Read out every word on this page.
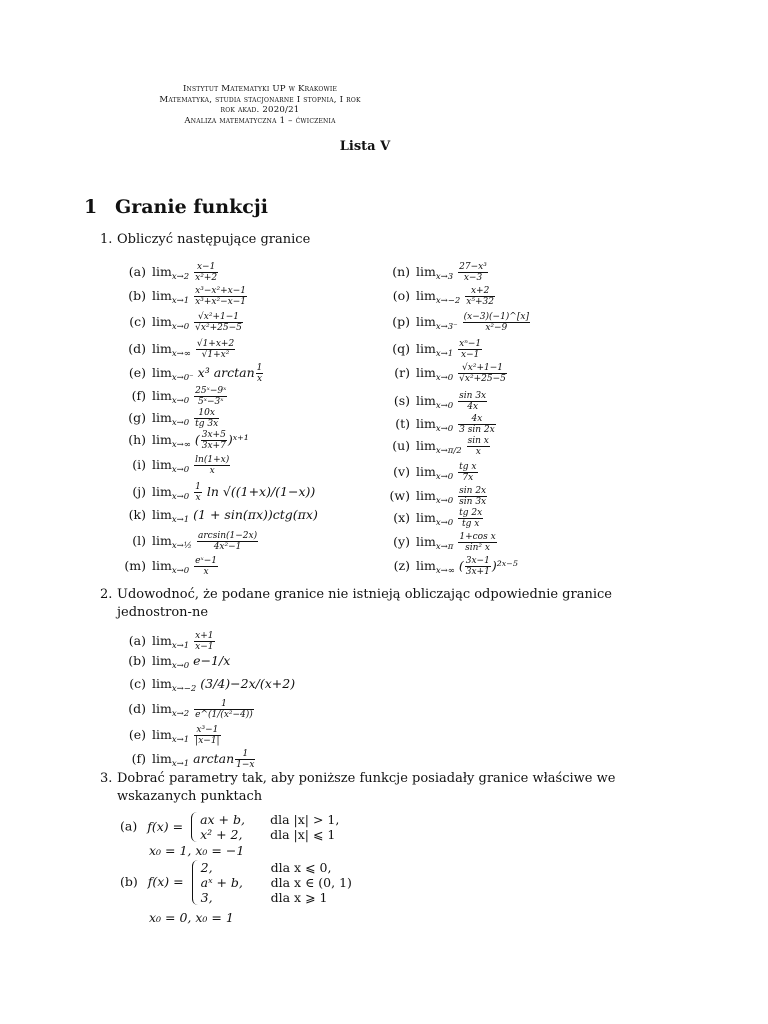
Instytut Matematyki UP w Krakowie
Matematyka, studia stacjonarne I stopnia, I rok
rok akad. 2020/21
Analiza matematyczna 1 – ćwiczenia
Lista V
1 Granie funkcji
1. Obliczyć następujące granice
(a) $\lim_{x\to 2} \frac{x-1}{\text{x²+2}}$
(b) $\lim_{x\to 1} \frac{\text{x³−x²+x−1}}{\text{x³+x²−x−1}}$
(c) $\lim_{x\to 0} \frac{\text{√x²+1−1}}{\text{√x²+25−5}}$
(d) $\lim_{x\to\infty} \frac{√1+x+2}{\text{√1+x²}}$
(e) $\lim_{x\to 0^-} x^3$ $\arctan \frac{1}{x}$
(f) $\lim_{x\to 0} \frac{\text{25ˣ−9ˣ}}{\text{5ˣ−3ˣ}}$
(g) $\lim_{x\to 0} \frac{10x}{tg 3x}$
(h) $\lim_{x\to\infty}$ ( $\frac{3x+5}{3x+7}$ )ˣ⁺¹
(i) $\lim_{x\to 0} \frac{\ln(1+x)}{x}$
(j) $\lim_{x\to 0} \frac{1}{x}$ ln √((1+x)/(1−x))
(k) $\lim_{x\to 1} (1 + \sin(\pi x))ctg(\pi x)$
(l) $\lim_{x\to\frac{1}{2}} \frac{\arcsin(1-2x)}{\text{4x²−1}}$
(m) $\lim_{x\to 0} \frac{\text{eˣ−1}}{x}$
(n) $\lim_{x\to 3} \frac{\text{27−x³}}{x-3}$
(o) $\lim_{x\to-2} \frac{x+2}{\text{x⁵+32}}$
(p) $\lim_{x\to 3^-} \frac{(x-3)(-1)\^{}[x]}{\text{x²−9}}$
(q) $\lim_{x\to 1} \frac{\text{xⁿ−1}}{x-1}$
(r) $\lim_{x\to 0} \frac{\text{√x²+1−1}}{\text{√x²+25−5}}$
(s) $\lim_{x\to 0} \frac{\sin 3x}{4x}$
(t) $\lim_{x\to 0} \frac{4x}{3 \sin 2x}$
(u) $\lim_{x\to\pi/2} \frac{\text{sin x}}{x}$
(v) $\lim_{x\to 0} \frac{\text{tg x}}{7x}$
(w) $\lim_{x\to 0} \frac{\sin 2x}{\sin 3x}$
(x) $\lim_{x\to 0} \frac{tg 2x}{\text{tg x}}$
(y) $\lim_{x\to\pi} \frac{\text{1+cos x}}{\text{sin² x}}$
(z) $\lim_{x\to\infty}$ ( $\frac{3x-1}{3x+1}$ )²ˣ⁻⁵
2. Udowodnoć, że podane granice nie istnieją obliczając odpowiednie granice jednostron-ne
(a) $\lim_{x\to 1} \frac{x+1}{x-1}$
(b) $\lim_{x\to 0} e-1/x$
(c) $\lim_{x\to-2} (3/4)-2x/(x+2)$
(d) $\lim_{x\to 2} \frac{1}{\text{e\textasciicircum{}(1/(x²−4))}}$
(e) $\lim_{x\to 1} \frac{\text{x³−1}}{|x-1|}$
(f) $\lim_{x\to 1} \arctan \frac{1}{1-x}$
3. Dobrać parametry tak, aby poniższe funkcje posiadały granice właściwe we wskazanych punktach
(a) f(x) = ax + b, dla |x| > 1,
x² + 2, dla |x| ⩽ 1
x₀ = 1, x₀ = −1
(b) f(x) =
2,	dla x ⩽ 0,
aˣ + b, dla x ∈ (0, 1)
3,	dla x ⩾ 1
x₀ = 0, x₀ = 1
